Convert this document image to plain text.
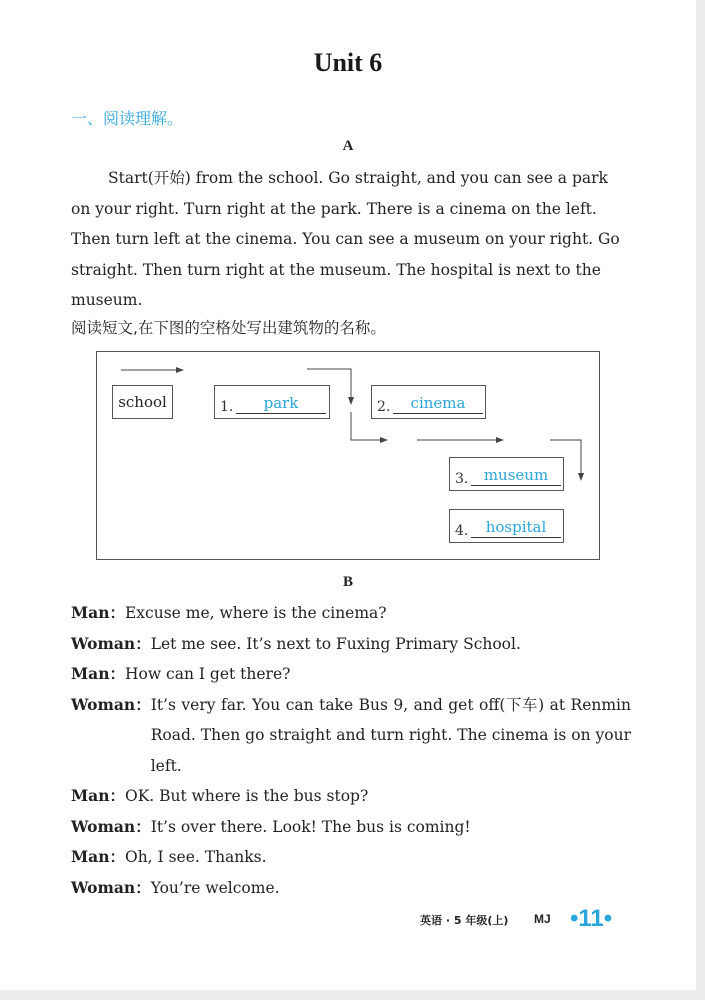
Unit 6
一、阅读理解。
A
Start(开始) from the school. Go straight, and you can see a park
on your right. Turn right at the park. There is a cinema on the left.
Then turn left at the cinema. You can see a museum on your right. Go
straight. Then turn right at the museum. The hospital is next to the
museum.
阅读短文,在下图的空格处写出建筑物的名称。
school	1.	park	2.	cinema
3.	museum
4.	hospital
B
Man： Excuse me, where is the cinema?
Woman： Let me see. It’s next to Fuxing Primary School.
Man： How can I get there?
Woman： It’s very far. You can take Bus 9, and get off(下车) at Renmin Road. Then go straight and turn right. The cinema is on your left.
Man： OK. But where is the bus stop?
Woman： It’s over there. Look! The bus is coming!
Man： Oh, I see. Thanks.
Woman： You’re welcome.
英语 · 5 年级(上) MJ •11•
